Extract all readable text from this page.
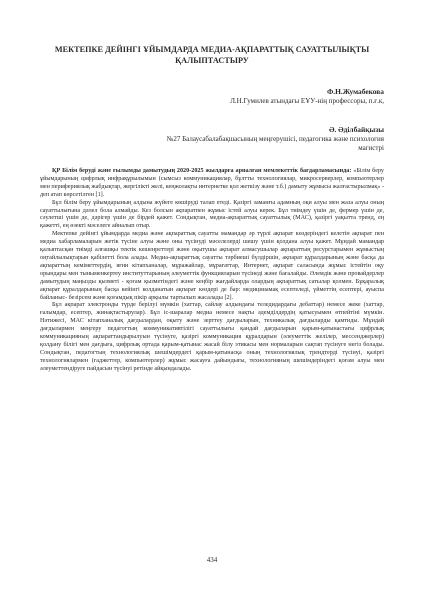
МЕКТЕПКЕ ДЕЙІНГІ ҰЙЫМДАРДА МЕДИА-АҚПАРАТТЫҚ САУАТТЫЛЫҚТЫ ҚАЛЫПТАСТЫРУ
Ф.Н.Жумабекова
Л.Н.Гумилев атындағы ЕҰУ-нің профессоры, п.ғ.к,
Ә. Әділбайқызы
№27 Балаусабалабақшасының меңгерушісі, педагогика және психология магистрі

ҚР Білім беруді және ғылымды дамытудың 2020-2025 жылдарға арналған мемлекеттік бағдарламасында: «Білім беру ұйымдарының цифрлық инфрақұрылымын (сымсыз коммуникациялар, бұлтты технологиялар, микросерверлер, компьютерлер мен перифериялық жабдықтар, жергілікті желі, кеңжолақты интернетке қол жеткізу және т.б.) дамыту жұмысы жалғастырылмақ» - деп атап көрсетілген [1].

Бұл білім беру ұйымдарының алдына жүйеге көшіруді талап етеді. Қазіргі заманғы адамның оқи алуы мен жаза алуы оның сауаттылығына дәлел бола алмайды. Кез болсын ақпаратпен жұмыс істей алуы керек. Бұл тиімдеу үшін де, фермер үшін де, сәулетшi үшін де, дәрігер үшін де бірдей қажет. Сондықтан, медиа-ақпараттық сауаттылық (МАС), қазіргі уақытта тренд, ең қажетті, ең өзекті мәселеге айналып отыр.

Мектепке дейінгі ұйымдарда медиа және ақпараттық сауатты мамандар әр түрлі ақпарат көздеріндегі келетін ақпарат пен медиа хабарламаларын жетік түсіне алуы және оны түсінуді мәселелерді шешу үшін қолдана алуы қажет. Мұндай мамандар қалыптасқан тиімді алғашқы тектік кешенреттері және оқытушы ақпарат алмасушылар ақпараттың ресурстарымен жұмыстың оңтайлылықтарын қабілетті бола алады. Медиа-ақпараттық сауатты тәрбиеші бүлдіршін, ақпарат құралдарының және басқа да ақпараттың кеміметтердің, яғни кітапханалар, мұражайлар, мұрағаттар, Интернет, ақпарат саласында жұмыс істейтін оқу орындары мен тыныменкертеу институттарының әлеуметтік функцияларын түсінеді және бағалайды. Әлемдік және провайдерлер дамытудың маңызды қызметі - қоғам қызметіндегі және кеңбір жағдайларда олардың ақпараттық сатылар қолмен. Бұқаралық ақпарат құралдарының басқа кейінгі колданатын ақпарат көздері де бар: медицинамақ есептеледі, үйметтің есептері, ауыспа байланыс- безірсем және қоғамдық пікір арқылы тартылып жасалады [2].

Бұл ақпарат электронды түрде берілуі мүмкін (хаттар, сайлау алдындағы теледидардағы дебаттар) немесе жеке (хаттар, ғалымдар, есептер, жинақтастырулар). Бұл іс-шаралар медиа немесе нақты әдемділдердің қатысуымен өтпейтіні мүмкін. Нәтижесі, МАС кітапханалық дағдылардан, оқыту және зерттеу дағдыларын, техникалық дағдыларды қамтиды. Мұндай дағдылармен меңгеру педагогтың коммуникативтілігі сауаттылығы қандай дағдыларын қарым-қатынастағы цифрлық коммуникацияның ақпараттандырылуын түсінуге, қазіргі коммуникация құралдарын (әлеуметтік желілер, мессенджерлер) қолдану білігі мен дағдыға, цифрлық ортада қарым-қатынас жасай білу этикасы мен нормаларын сақтап түсінуге негіз болады. Сондықтан, педагогтың технологиялық шешімдердегі қарым-қатынасқа оның технологиялық трендтерді түсінуі, қазіргі технологиялармен (гаджеттер, компьютерлер) жұмыс жасауға дайындығы, технологияның шешімдеріндегі қоғам алуы мен әлеуметтендіруге пайдасын түсінуі ретінде айқындалады.

434
